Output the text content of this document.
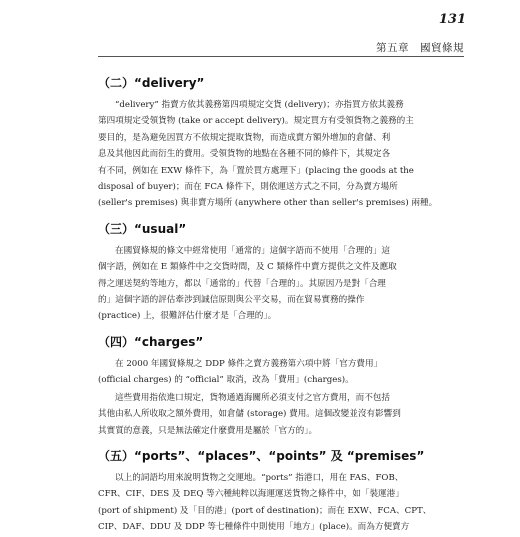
131
第五章　國貿條規
（二）“delivery”
“delivery” 指賣方依其義務第四項規定交貨 (delivery)；亦指買方依其義務
第四項規定受領貨物 (take or accept delivery)。規定買方有受領貨物之義務的主
要目的，是為避免因買方不依規定提取貨物，而造成賣方額外增加的倉儲、利
息及其他因此而衍生的費用。受領貨物的地點在各種不同的條件下，其規定各
有不同，例如在 EXW 條件下，為「置於買方處理下」(placing the goods at the
disposal of buyer)；而在 FCA 條件下，則依運送方式之不同，分為賣方場所
(seller's premises) 與非賣方場所 (anywhere other than seller's premises) 兩種。
（三）“usual”
在國貿條規的條文中經常使用「通常的」這個字語而不使用「合理的」這
個字語，例如在 E 類條件中之交貨時間，及 C 類條件中賣方提供之文件及應取
得之運送契約等地方，都以「通常的」代替「合理的」。其原因乃是對「合理
的」這個字語的評估牽涉到誠信原則與公平交易，而在貿易實務的操作
(practice) 上，很難評估什麼才是「合理的」。
（四）“charges”
在 2000 年國貿條規之 DDP 條件之賣方義務第六項中將「官方費用」
(official charges) 的 “official” 取消，改為「費用」(charges)。
這些費用指依進口規定，貨物通過海關所必須支付之官方費用，而不包括
其他由私人所收取之額外費用，如倉儲 (storage) 費用。這個改變並沒有影響到
其實質的意義，只是無法確定什麼費用是屬於「官方的」。
（五）“ports”、“places”、“points” 及 “premises”
以上的詞語均用來說明貨物之交運地。“ports” 指港口，用在 FAS、FOB、
CFR、CIF、DES 及 DEQ 等六種純粹以海運運送貨物之條件中，如「裝運港」
(port of shipment) 及「目的港」(port of destination)；而在 EXW、FCA、CPT、
CIP、DAF、DDU 及 DDP 等七種條件中則使用「地方」(place)。而為方便賣方
